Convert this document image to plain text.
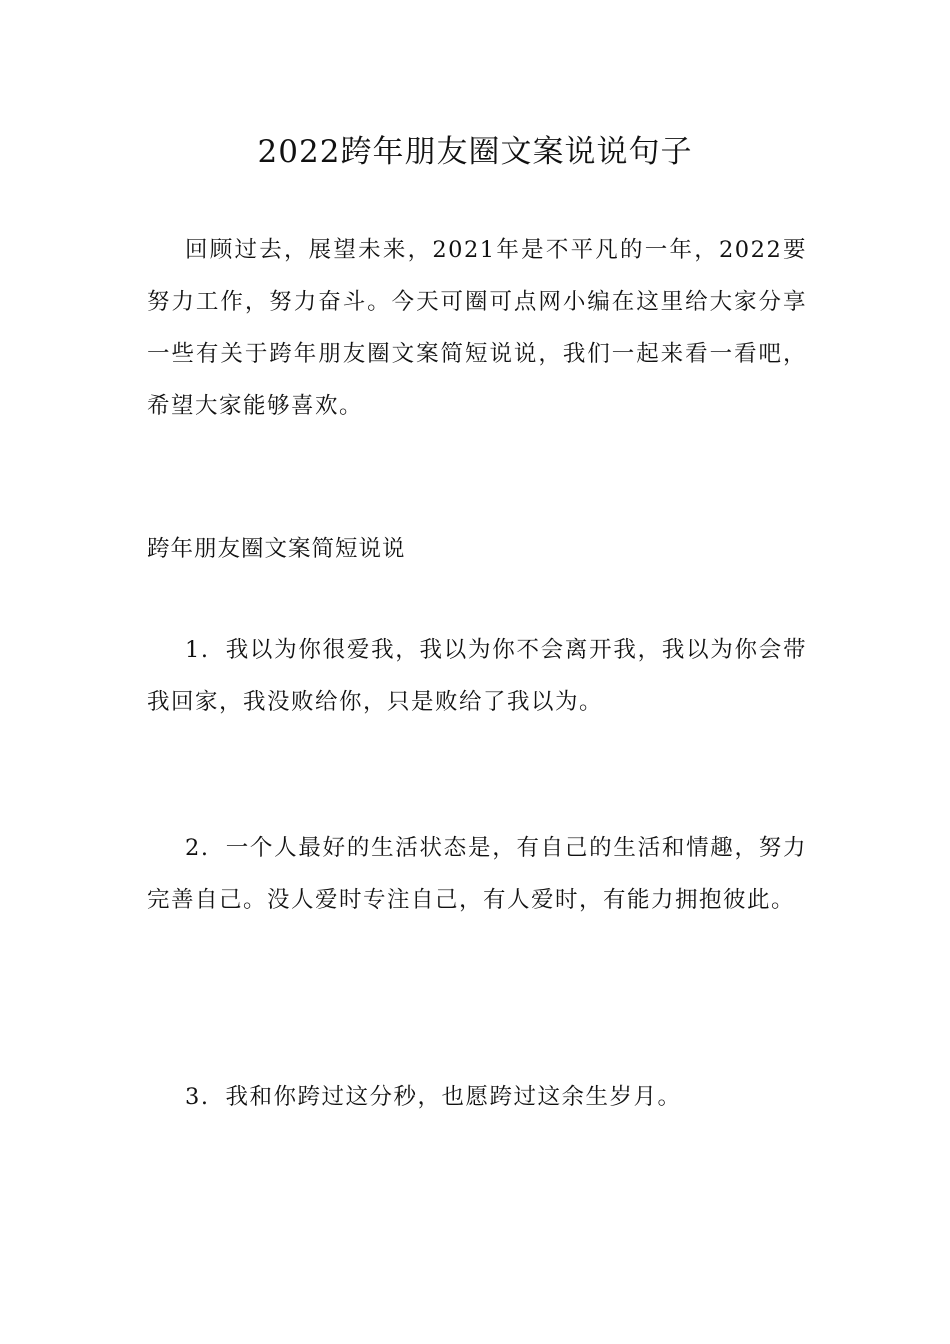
2022跨年朋友圈文案说说句子

回顾过去，展望未来，2021年是不平凡的一年，2022要努力工作，努力奋斗。今天可圈可点网小编在这里给大家分享一些有关于跨年朋友圈文案简短说说，我们一起来看一看吧，希望大家能够喜欢。

跨年朋友圈文案简短说说

1. 我以为你很爱我，我以为你不会离开我，我以为你会带我回家，我没败给你，只是败给了我以为。

2. 一个人最好的生活状态是，有自己的生活和情趣，努力完善自己。没人爱时专注自己，有人爱时，有能力拥抱彼此。

3. 我和你跨过这分秒，也愿跨过这余生岁月。
